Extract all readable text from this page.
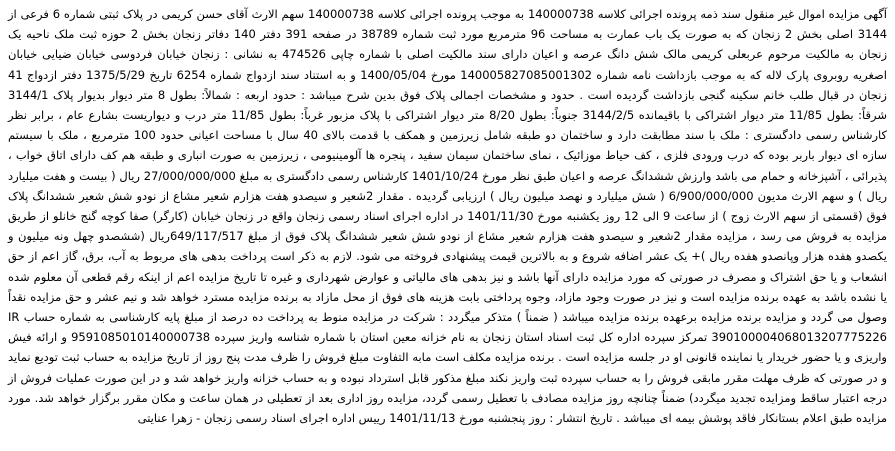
آگهی مزایده اموال غیر منقول سند ذمه پرونده اجرائی کلاسه 140000738 به موجب پرونده اجرائی کلاسه 140000738 سهم الارث آقای حسن کریمی در پلاک ثبتی شماره 6 فرعی از 3144 اصلی بخش 2 زنجان که به صورت یک باب عمارت به مساحت 96 مترمربع مورد ثبت شماره 38789 در صفحه 391 دفتر 140 دفاتر زنجان بخش 2 حوزه ثبت ملک ناحیه یک زنجان به مالکیت مرحوم عربعلی کریمی مالک شش دانگ عرصه و اعیان دارای سند مالکیت اصلی با شماره چاپی 474526 به نشانی : زنجان خیابان فردوسی خیابان ضیایی خیابان اصغریه روبروی پارک لاله که به موجب بازداشت نامه شماره 140005827085001302 مورخ 1400/05/04 و به استناد سند ازدواج شماره 6254 تاریخ 1375/5/29 دفتر ازدواج 41 زنجان در قبال طلب خانم سکینه گنجی بازداشت گردیده است . حدود و مشخصات اجمالی پلاک فوق بدین شرح میباشد : حدود اربعه : شمالاً: بطول 8 متر دیوار بدیوار پلاک 3144/1 شرقاً: بطول 11/85 متر دیوار اشتراکی با باقیمانده 3144/2/5 جنوباً: بطول 8/20 متر دیوار اشتراکی با پلاک مزبور غرباً: بطول 11/85 متر درب و دیواریست بشارع عام ، برابر نظر کارشناس رسمی دادگستری : ملک با سند مطابقت دارد و ساختمان دو طبقه شامل زیرزمین و همکف با قدمت بالای 40 سال با مساحت اعیانی حدود 100 مترمربع ، ملک با سیستم سازه ای دیوار باربر بوده که درب ورودی فلزی ، کف حیاط موزائیک ، نمای ساختمان سیمان سفید ، پنجره ها آلومینیومی ، زیرزمین به صورت انباری و طبقه هم کف دارای اتاق خواب ، پذیرائی ، آشپزخانه و حمام می باشد وارزش ششدانگ عرصه و اعیان طبق نظر مورخ 1401/10/24 کارشناس رسمی دادگستری به مبلغ 27/000/000/000 ریال ( بیست و هفت میلیارد ریال ) و سهم الارث مدیون 6/900/000/000 ( شش میلیارد و نهصد میلیون ریال ) ارزیابی گردیده . مقدار 2شعیر و سیصدو هفت هزارم شعیر مشاع از نودو شش شعیر ششدانگ پلاک فوق (قسمتی از سهم الارث زوج ) از ساعت 9 الی 12 روز یکشنبه مورخ 1401/11/30 در اداره اجرای اسناد رسمی زنجان واقع در زنجان خیابان (کارگر) صفا کوچه گنج خانلو از طریق مزایده به فروش می رسد ، مزایده مقدار 2شعیر و سیصدو هفت هزارم شعیر مشاع از نودو شش شعیر ششدانگ پلاک فوق از مبلغ 649/117/517ریال (ششصدو چهل ونه میلیون و یکصدو هفده هزار وپانصدو هفده ریال )+ یک عشر اضافه شروع و به بالاترین قیمت پیشنهادی فروخته می شود. لازم به ذکر است پرداخت بدهی های مربوط به آب، برق، گاز اعم از حق انشعاب و یا حق اشتراک و مصرف در صورتی که مورد مزایده دارای آنها باشد و نیز بدهی های مالیاتی و عوارض شهرداری و غیره تا تاریخ مزایده اعم از اینکه رقم قطعی آن معلوم شده یا نشده باشد به عهده برنده مزایده است و نیز در صورت وجود مازاد، وجوه پرداختی بابت هزینه های فوق از محل مازاد به برنده مزایده مسترد خواهد شد و نیم عشر و حق مزایده نقداً وصول می گردد و مزایده برنده مزایده برعهده برنده مزایده میباشد ( ضمناً ) متذکر میگردد : شرکت در مزایده منوط به پرداخت ده درصد از مبلغ پایه کارشناسی به شماره حساب IR 390100004068013207775226 تمرکز سپرده اداره کل ثبت اسناد استان زنجان به نام خزانه معین استان با شماره شناسه واریز سپرده 9591085010140000738 و ارائه فیش واریزی و یا حضور خریدار یا نماینده قانونی او در جلسه مزایده است . برنده مزایده مکلف است مابه التفاوت مبلغ فروش را ظرف مدت پنج روز از تاریخ مزایده به حساب ثبت تودیع نماید و در صورتی که ظرف مهلت مقرر مابقی فروش را به حساب سپرده ثبت واریز نکند مبلغ مذکور قابل استرداد نبوده و به حساب خزانه واریز خواهد شد و در این صورت عملیات فروش از درجه اعتبار ساقط ومزایده تجدید میگردد) ضمناً چنانچه روز مزایده مصادف با تعطیل رسمی گردد، مزایده روز اداری بعد از تعطیلی در همان ساعت و مکان مقرر برگزار خواهد شد. مورد مزایده طبق اعلام بستانکار فاقد پوشش بیمه ای میباشد . تاریخ انتشار : روز پنجشنبه مورخ 1401/11/13 رییس اداره اجرای اسناد رسمی زنجان - زهرا عنایتی
